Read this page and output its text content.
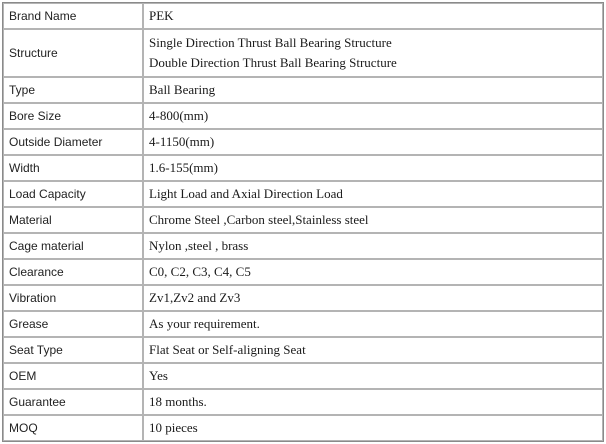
Brand Name	PEK
Structure	Single Direction Thrust Ball Bearing Structure
Double Direction Thrust Ball Bearing Structure

Type	Ball Bearing
Bore Size	4-800(mm)
Outside Diameter	4-1150(mm)
Width	1.6-155(mm)
Load Capacity	Light Load and Axial Direction Load
Material	Chrome Steel ,Carbon steel,Stainless steel
Cage material	Nylon ,steel , brass
Clearance	C0, C2, C3, C4, C5
Vibration	Zv1,Zv2 and Zv3
Grease	As your requirement.
Seat Type	Flat Seat or Self-aligning Seat
OEM	Yes
Guarantee	18 months.
MOQ	10 pieces
